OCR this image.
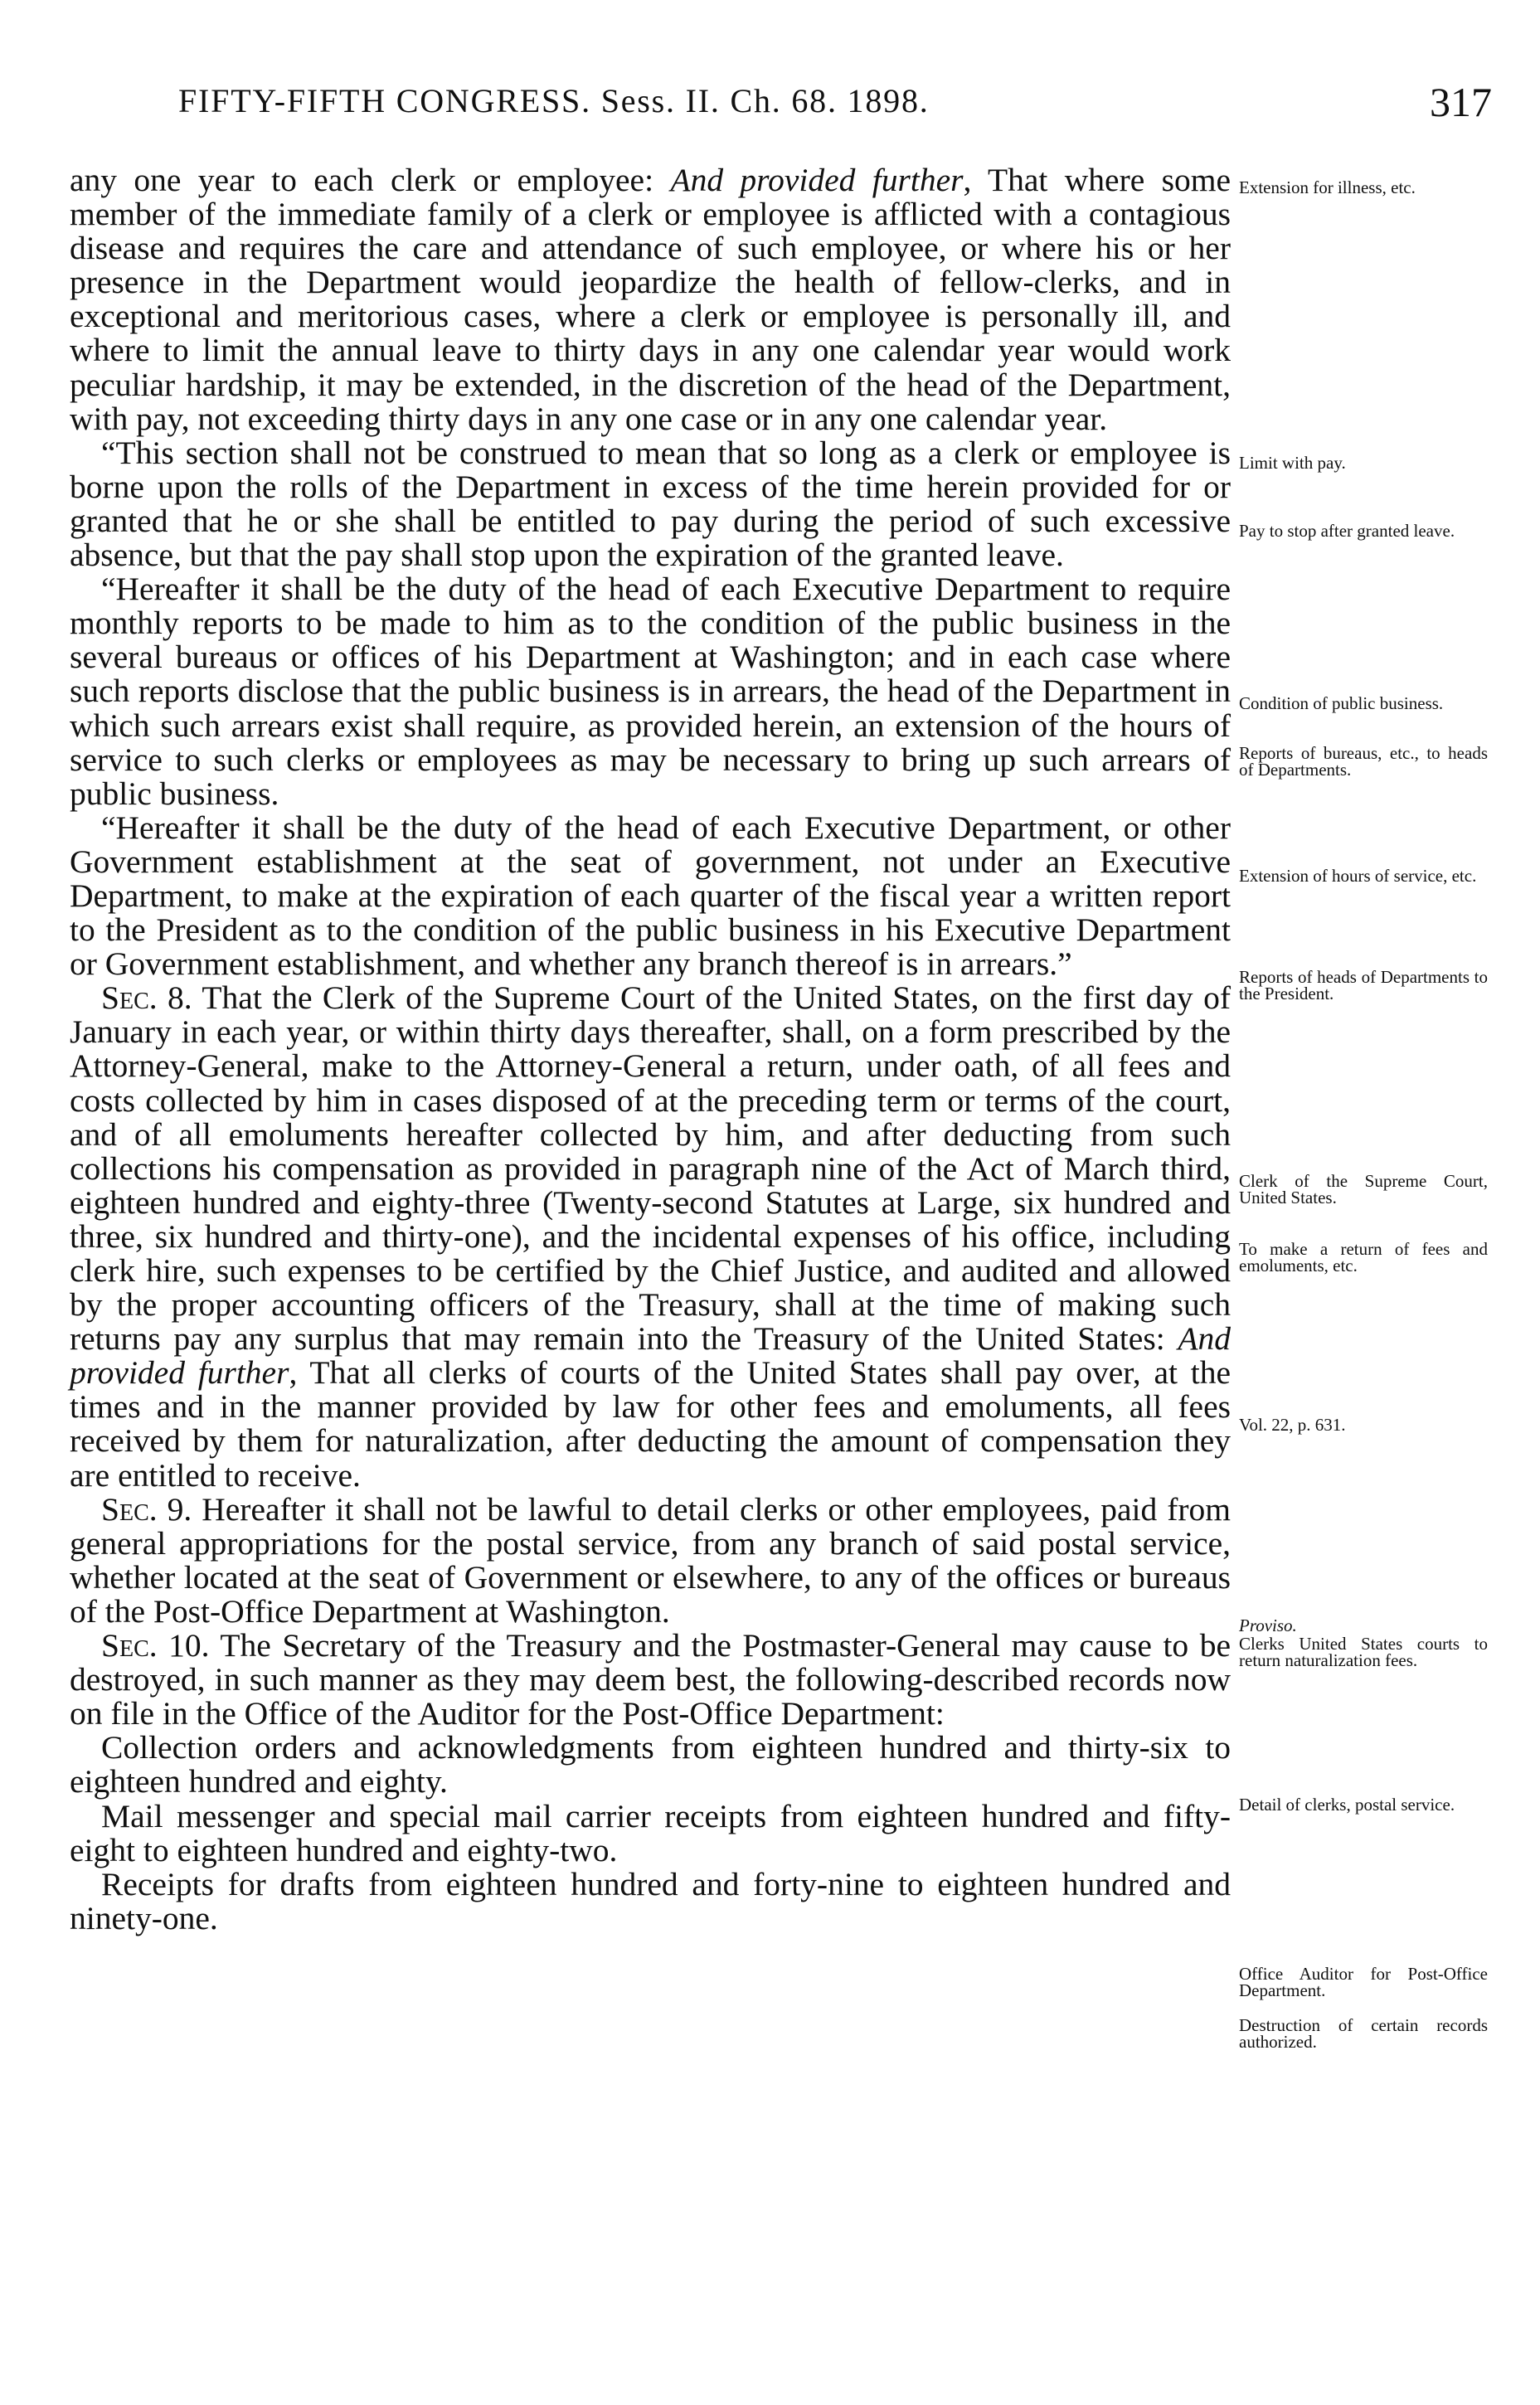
FIFTY-FIFTH CONGRESS. Sess. II. Ch. 68. 1898.	317

any one year to each clerk or employee: And provided further, That where some member of the immediate family of a clerk or employee is afflicted with a contagious disease and requires the care and attendance of such employee, or where his or her presence in the Department would jeopardize the health of fellow-clerks, and in exceptional and meritorious cases, where a clerk or employee is personally ill, and where to limit the annual leave to thirty days in any one calendar year would work peculiar hardship, it may be extended, in the discretion of the head of the Department, with pay, not exceeding thirty days in any one case or in any one calendar year.

“This section shall not be construed to mean that so long as a clerk or employee is borne upon the rolls of the Department in excess of the time herein provided for or granted that he or she shall be entitled to pay during the period of such excessive absence, but that the pay shall stop upon the expiration of the granted leave.

“Hereafter it shall be the duty of the head of each Executive Department to require monthly reports to be made to him as to the condition of the public business in the several bureaus or offices of his Department at Washington; and in each case where such reports disclose that the public business is in arrears, the head of the Department in which such arrears exist shall require, as provided herein, an extension of the hours of service to such clerks or employees as may be necessary to bring up such arrears of public business.

“Hereafter it shall be the duty of the head of each Executive Department, or other Government establishment at the seat of government, not under an Executive Department, to make at the expiration of each quarter of the fiscal year a written report to the President as to the condition of the public business in his Executive Department or Government establishment, and whether any branch thereof is in arrears.”

Sec. 8. That the Clerk of the Supreme Court of the United States, on the first day of January in each year, or within thirty days thereafter, shall, on a form prescribed by the Attorney-General, make to the Attorney-General a return, under oath, of all fees and costs collected by him in cases disposed of at the preceding term or terms of the court, and of all emoluments hereafter collected by him, and after deducting from such collections his compensation as provided in paragraph nine of the Act of March third, eighteen hundred and eighty-three (Twenty-second Statutes at Large, six hundred and three, six hundred and thirty-one), and the incidental expenses of his office, including clerk hire, such expenses to be certified by the Chief Justice, and audited and allowed by the proper accounting officers of the Treasury, shall at the time of making such returns pay any surplus that may remain into the Treasury of the United States: And provided further, That all clerks of courts of the United States shall pay over, at the times and in the manner provided by law for other fees and emoluments, all fees received by them for naturalization, after deducting the amount of compensation they are entitled to receive.

Sec. 9. Hereafter it shall not be lawful to detail clerks or other employees, paid from general appropriations for the postal service, from any branch of said postal service, whether located at the seat of Government or elsewhere, to any of the offices or bureaus of the Post-Office Department at Washington.

Sec. 10. The Secretary of the Treasury and the Postmaster-General may cause to be destroyed, in such manner as they may deem best, the following-described records now on file in the Office of the Auditor for the Post-Office Department:

Collection orders and acknowledgments from eighteen hundred and thirty-six to eighteen hundred and eighty.

Mail messenger and special mail carrier receipts from eighteen hundred and fifty-eight to eighteen hundred and eighty-two.

Receipts for drafts from eighteen hundred and forty-nine to eighteen hundred and ninety-one.

Extension for illness, etc.
Limit with pay.
Pay to stop after granted leave.
Condition of public business.
Reports of bureaus, etc., to heads of Departments.
Extension of hours of service, etc.
Reports of heads of Departments to the President.
Clerk of the Supreme Court, United States.
To make a return of fees and emoluments, etc.
Vol. 22, p. 631.
Proviso.
Clerks United States courts to return naturalization fees.
Detail of clerks, postal service.
Office Auditor for Post-Office Department.
Destruction of certain records authorized.
